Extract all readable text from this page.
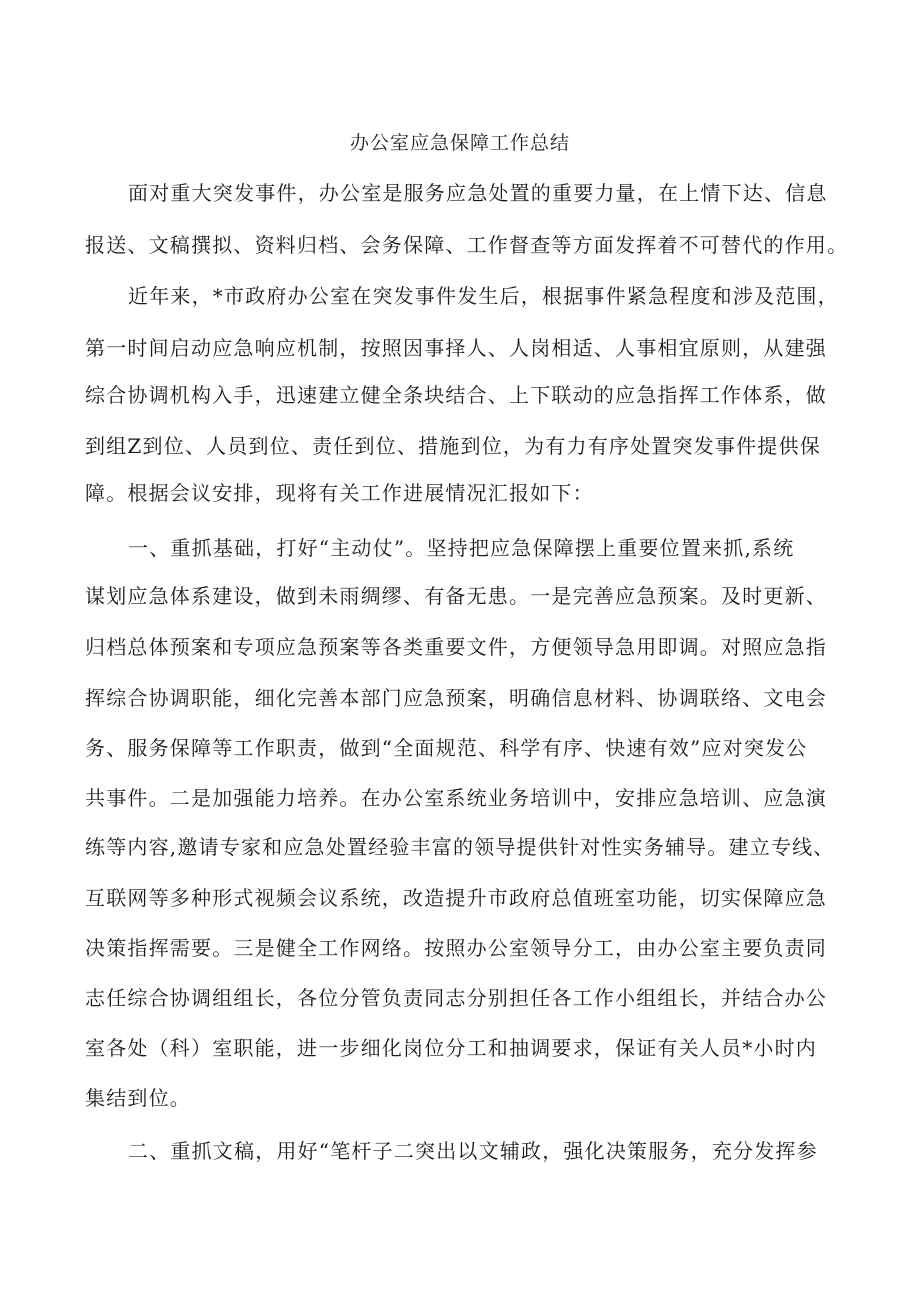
办公室应急保障工作总结

面对重大突发事件，办公室是服务应急处置的重要力量，在上情下达、信息

报送、文稿撰拟、资料归档、会务保障、工作督查等方面发挥着不可替代的作用。

近年来，*市政府办公室在突发事件发生后，根据事件紧急程度和涉及范围，

第一时间启动应急响应机制，按照因事择人、人岗相适、人事相宜原则，从建强

综合协调机构入手，迅速建立健全条块结合、上下联动的应急指挥工作体系，做

到组Z到位、人员到位、责任到位、措施到位，为有力有序处置突发事件提供保

障。根据会议安排，现将有关工作进展情况汇报如下：

一、重抓基础，打好“主动仗”。坚持把应急保障摆上重要位置来抓,系统

谋划应急体系建设，做到未雨绸缪、有备无患。一是完善应急预案。及时更新、

归档总体预案和专项应急预案等各类重要文件，方便领导急用即调。对照应急指

挥综合协调职能，细化完善本部门应急预案，明确信息材料、协调联络、文电会

务、服务保障等工作职责，做到“全面规范、科学有序、快速有效”应对突发公

共事件。二是加强能力培养。在办公室系统业务培训中，安排应急培训、应急演

练等内容,邀请专家和应急处置经验丰富的领导提供针对性实务辅导。建立专线、

互联网等多种形式视频会议系统，改造提升市政府总值班室功能，切实保障应急

决策指挥需要。三是健全工作网络。按照办公室领导分工，由办公室主要负责同

志任综合协调组组长，各位分管负责同志分别担任各工作小组组长，并结合办公

室各处（科）室职能，进一步细化岗位分工和抽调要求，保证有关人员*小时内

集结到位。

二、重抓文稿，用好“笔杆子二突出以文辅政，强化决策服务，充分发挥参
